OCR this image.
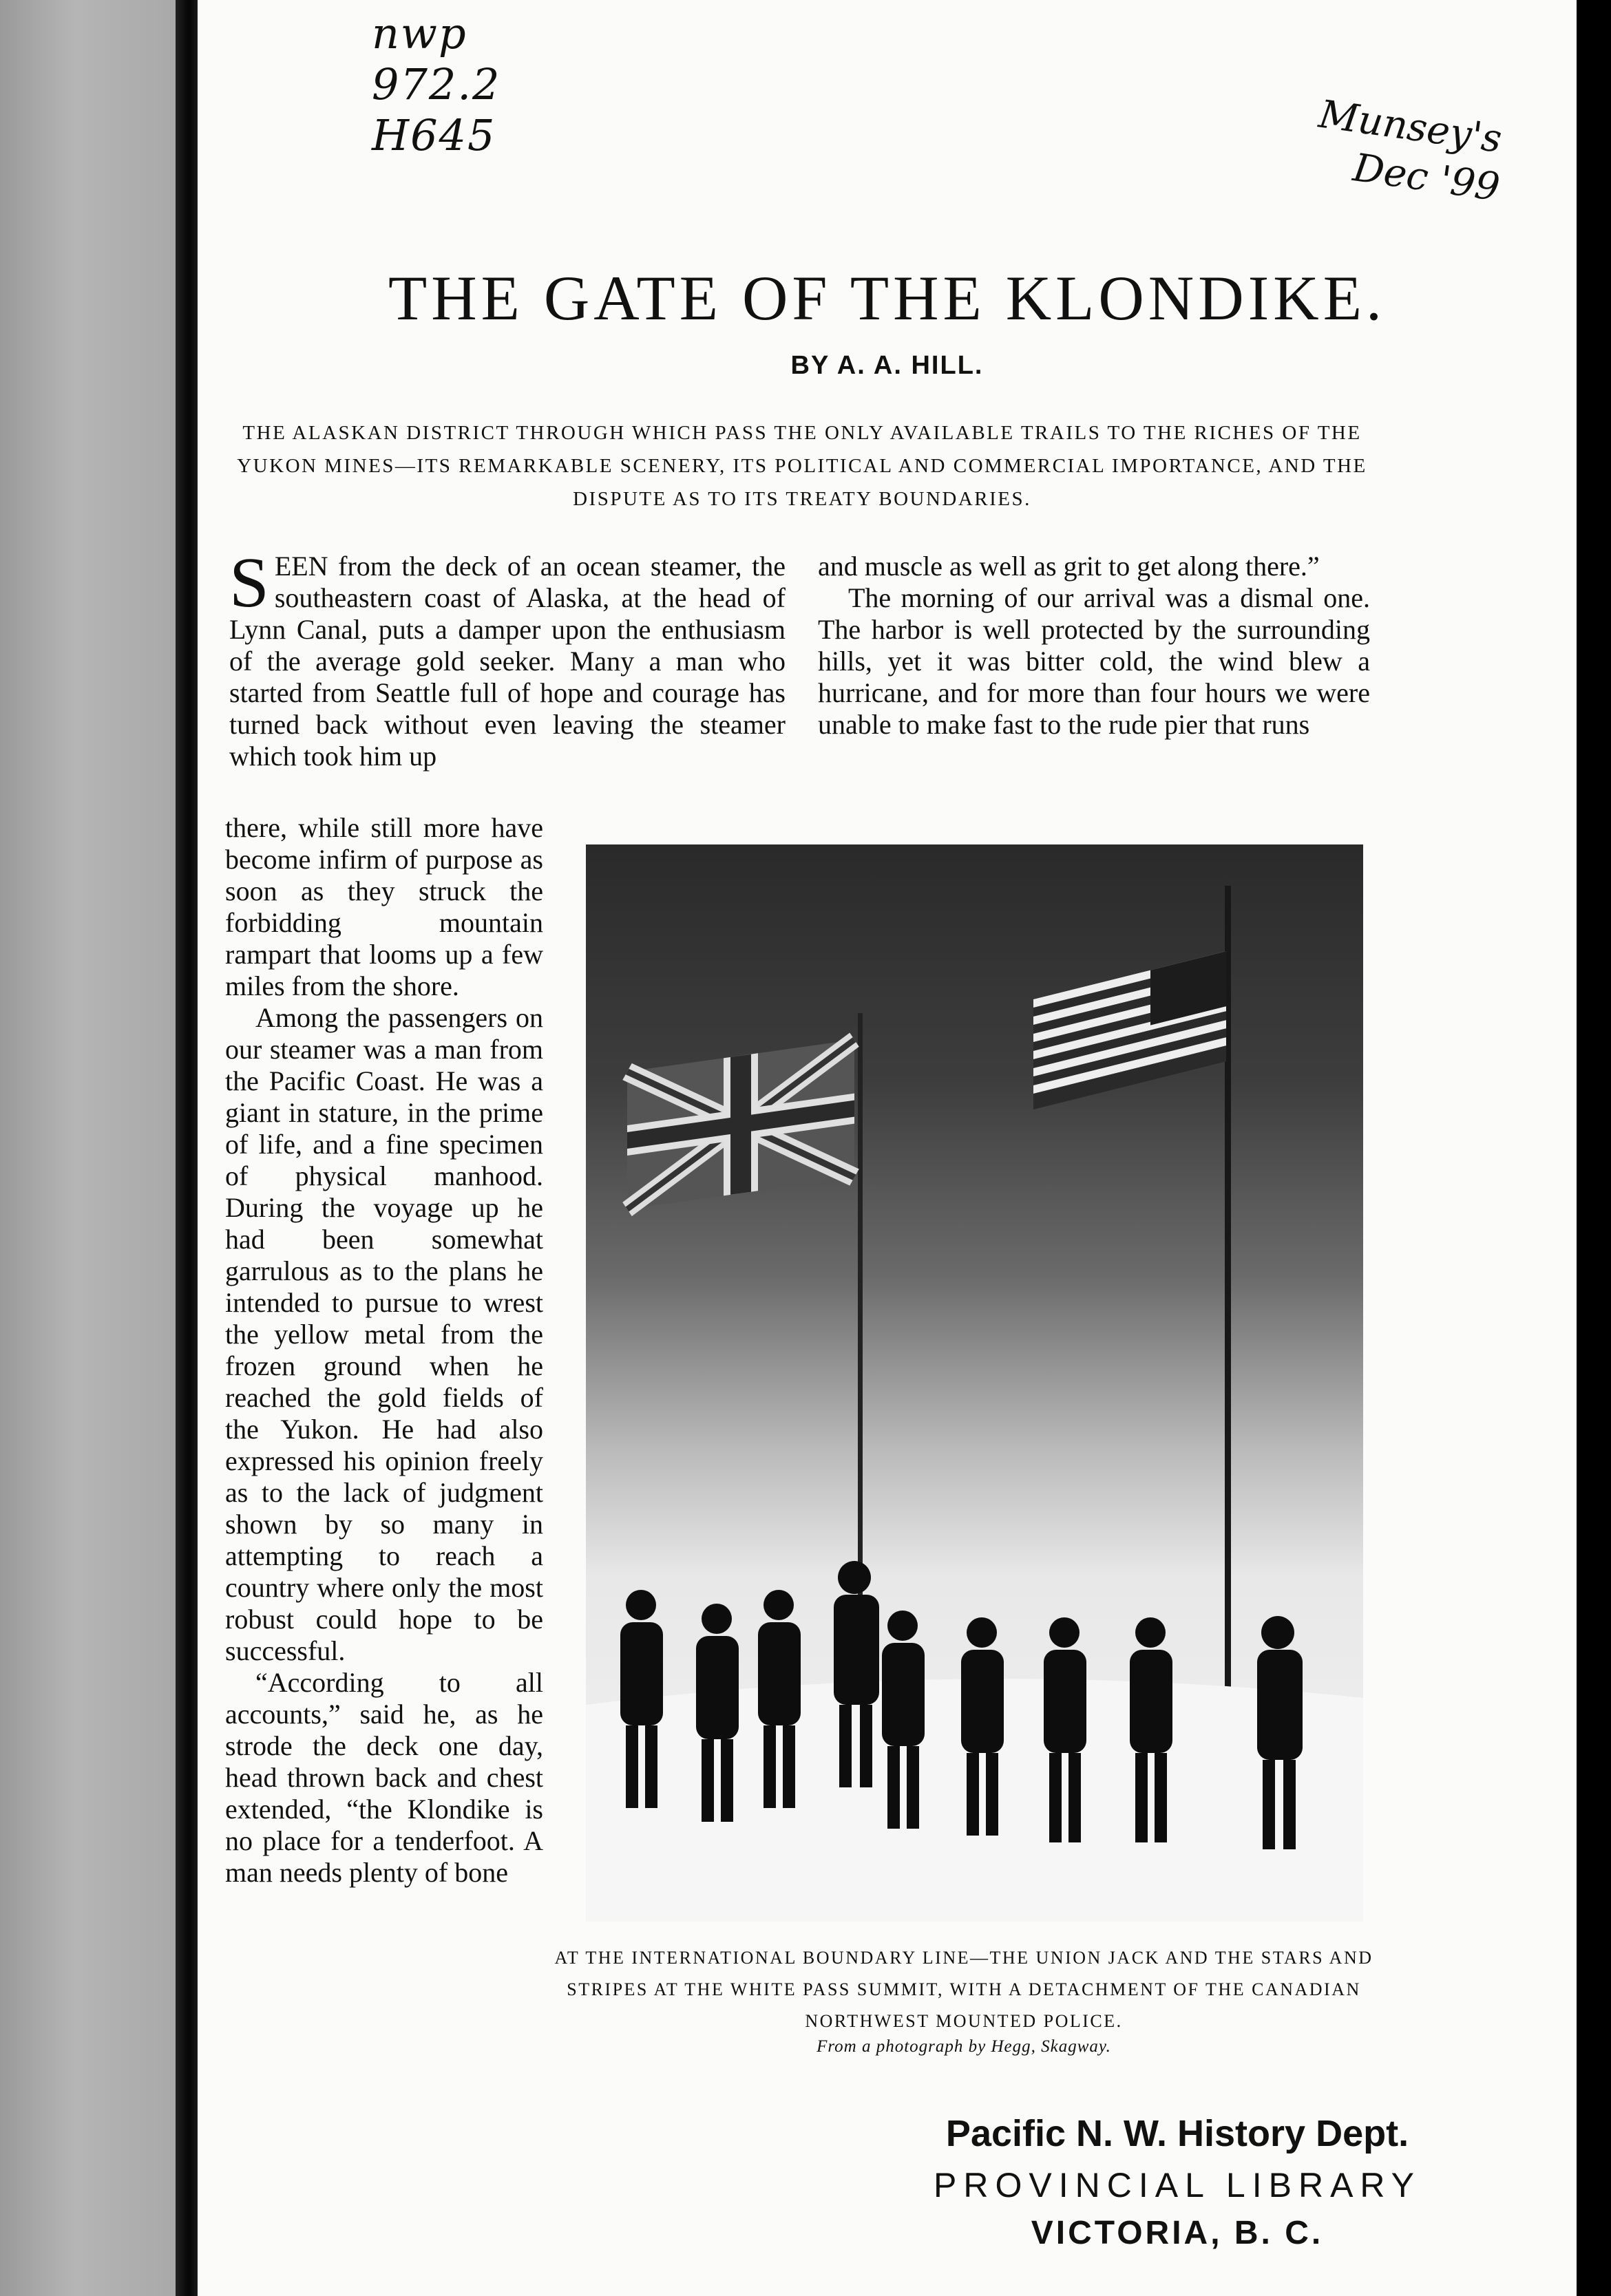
nwp
972.2
H645	Munsey's
Dec '99
THE GATE OF THE KLONDIKE.
BY A. A. HILL.
THE ALASKAN DISTRICT THROUGH WHICH PASS THE ONLY AVAILABLE TRAILS TO THE RICHES OF THE YUKON MINES—ITS REMARKABLE SCENERY, ITS POLITICAL AND COMMERCIAL IMPORTANCE, AND THE DISPUTE AS TO ITS TREATY BOUNDARIES.

SEEN from the deck of an ocean steamer, the southeastern coast of Alaska, at the head of Lynn Canal, puts a damper upon the enthusiasm of the average gold seeker. Many a man who started from Seattle full of hope and courage has turned back without even leaving the steamer which took him up

there, while still more have become infirm of purpose as soon as they struck the forbidding mountain rampart that looms up a few miles from the shore.

Among the passengers on our steamer was a man from the Pacific Coast. He was a giant in stature, in the prime of life, and a fine specimen of physical manhood. During the voyage up he had been somewhat garrulous as to the plans he intended to pursue to wrest the yellow metal from the frozen ground when he reached the gold fields of the Yukon. He had also expressed his opinion freely as to the lack of judgment shown by so many in attempting to reach a country where only the most robust could hope to be successful.

“According to all accounts,” said he, as he strode the deck one day, head thrown back and chest extended, “the Klondike is no place for a tenderfoot. A man needs plenty of bone

and muscle as well as grit to get along there.”

The morning of our arrival was a dismal one. The harbor is well protected by the surrounding hills, yet it was bitter cold, the wind blew a hurricane, and for more than four hours we were unable to make fast to the rude pier that runs

AT THE INTERNATIONAL BOUNDARY LINE—THE UNION JACK AND THE STARS AND STRIPES AT THE WHITE PASS SUMMIT, WITH A DETACHMENT OF THE CANADIAN NORTHWEST MOUNTED POLICE.
From a photograph by Hegg, Skagway.
Pacific N. W. History Dept.
PROVINCIAL LIBRARY
VICTORIA, B. C.
